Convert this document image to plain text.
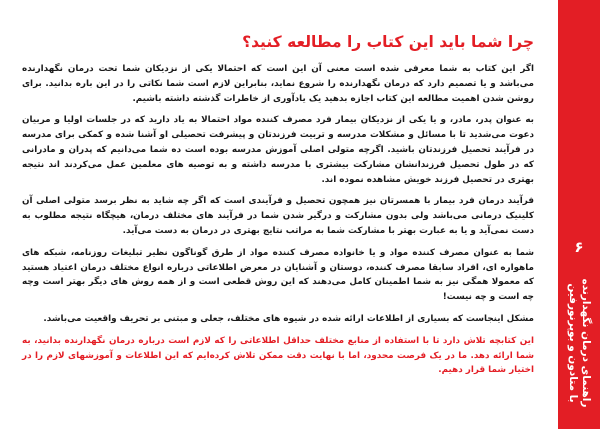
۶
راهنمای درمان نگهدارنده
با متادون و بوپرنورفین
چرا شما باید این کتاب را مطالعه کنید؟

اگر این کتاب به شما معرفی شده است معنی آن این است که احتمالا یکی از نزدیکان شما تحت درمان نگهدارنده می‌باشد و یا تصمیم دارد که درمان نگهدارنده را شروع نماید، بنابراین لازم است شما نکاتی را در این باره بدانید. برای روشن شدن اهمیت مطالعه این کتاب اجازه بدهید یک یادآوری از خاطرات گذشته داشته باشیم.

به عنوان پدر، مادر، و یا یکی از نزدیکان بیمار فرد مصرف کننده مواد احتمالا به یاد دارید که در جلسات اولیا و مربیان دعوت می‌شدید تا با مسائل و مشکلات مدرسه و تربیت فرزندتان و پیشرفت تحصیلی او آشنا شده و کمکی برای مدرسه در فرآیند تحصیل فرزندتان باشید. اگرچه متولی اصلی آموزش مدرسه بوده است ده شما می‌دانیم که پدران و مادرانی که در طول تحصیل فرزندانشان مشارکت بیشتری با مدرسه داشته و به توصیه های معلمین عمل می‌کردند اند نتیجه بهتری در تحصیل فرزند خویش مشاهده نموده اند.

فرآیند درمان فرد بیمار با همسرتان نیز همچون تحصیل و فرآیندی است که اگر چه شاید به نظر برسد متولی اصلی آن کلینیک درمانی می‌باشد ولی بدون مشارکت و درگیر شدن شما در فرآیند های مختلف درمان، هیچگاه نتیجه مطلوب به دست نمی‌آید و یا به عبارت بهتر با مشارکت شما به مراتب نتایج بهتری در درمان به دست می‌آید.

شما به عنوان مصرف کننده مواد و یا خانواده مصرف کننده مواد از طرق گوناگون نظیر تبلیغات روزنامه، شبکه های ماهواره ای، افراد سابقا مصرف کننده، دوستان و آشنایان در معرض اطلاعاتی درباره انواع مختلف درمان اعتیاد هستید که معمولا همگی نیز به شما اطمینان کامل می‌دهند که این روش قطعی است و از همه روش های دیگر بهتر است وچه چه است و چه نیست!

مشکل اینجاست که بسیاری از اطلاعات ارائه شده در شیوه های مختلف، جعلی و مبتنی بر تحریف واقعیت می‌باشد.

این کتابچه تلاش دارد تا با استفاده از منابع مختلف حداقل اطلاعاتی را که لازم است درباره درمان نگهدارنده بدانید، به شما ارائه دهد. ما در یک فرصت محدود، اما با نهایت دقت ممکن تلاش کرده‌ایم که این اطلاعات و آموزشهای لازم را در اختیار شما قرار دهیم.
